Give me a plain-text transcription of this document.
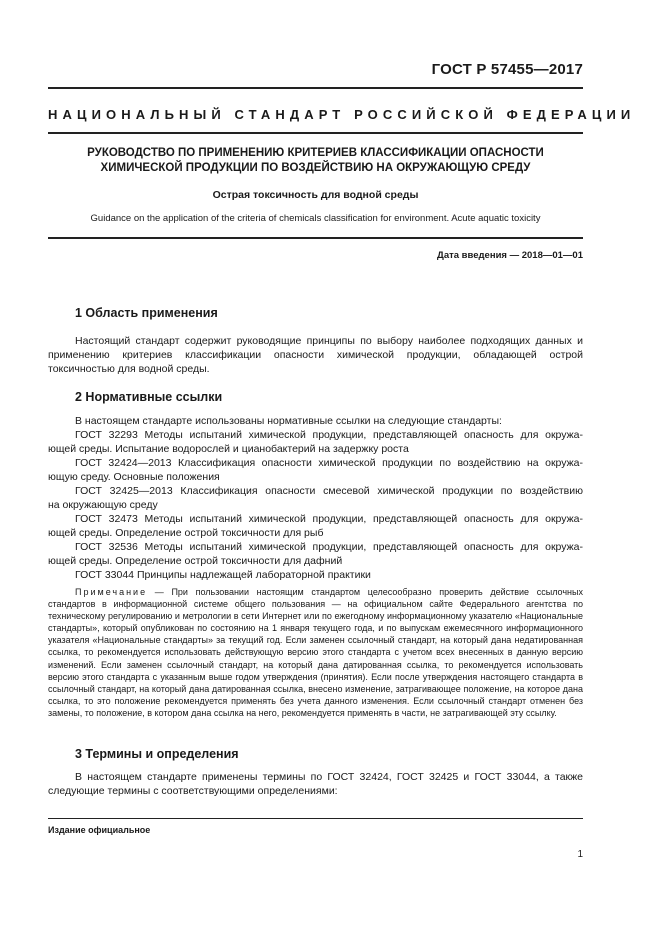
ГОСТ Р 57455—2017
НАЦИОНАЛЬНЫЙ СТАНДАРТ РОССИЙСКОЙ ФЕДЕРАЦИИ
РУКОВОДСТВО ПО ПРИМЕНЕНИЮ КРИТЕРИЕВ КЛАССИФИКАЦИИ ОПАСНОСТИ
ХИМИЧЕСКОЙ ПРОДУКЦИИ ПО ВОЗДЕЙСТВИЮ НА ОКРУЖАЮЩУЮ СРЕДУ
Острая токсичность для водной среды
Guidance on the application of the criteria of chemicals classification for environment. Acute aquatic toxicity
Дата введения — 2018—01—01
1 Область применения
Настоящий стандарт содержит руководящие принципы по выбору наиболее подходящих данных и применению критериев классификации опасности химической продукции, обладающей острой токсичностью для водной среды.
2 Нормативные ссылки
В настоящем стандарте использованы нормативные ссылки на следующие стандарты:
ГОСТ 32293 Методы испытаний химической продукции, представляющей опасность для окружа-
ющей среды. Испытание водорослей и цианобактерий на задержку роста
ГОСТ 32424—2013 Классификация опасности химической продукции по воздействию на окружа-
ющую среду. Основные положения
ГОСТ 32425—2013 Классификация опасности смесевой химической продукции по воздействию
на окружающую среду
ГОСТ 32473 Методы испытаний химической продукции, представляющей опасность для окружа-
ющей среды. Определение острой токсичности для рыб
ГОСТ 32536 Методы испытаний химической продукции, представляющей опасность для окружа-
ющей среды. Определение острой токсичности для дафний
ГОСТ 33044 Принципы надлежащей лабораторной практики
Примечание — При пользовании настоящим стандартом целесообразно проверить действие ссылочных стандартов в информационной системе общего пользования — на официальном сайте Федерального агентства по техническому регулированию и метрологии в сети Интернет или по ежегодному информационному указателю «Национальные стандарты», который опубликован по состоянию на 1 января текущего года, и по выпускам ежемесячного информационного указателя «Национальные стандарты» за текущий год. Если заменен ссылочный стандарт, на который дана недатированная ссылка, то рекомендуется использовать действующую версию этого стандарта с учетом всех внесенных в данную версию изменений. Если заменен ссылочный стандарт, на который дана датированная ссылка, то рекомендуется использовать версию этого стандарта с указанным выше годом утверждения (принятия). Если после утверждения настоящего стандарта в ссылочный стандарт, на который дана датированная ссылка, внесено изменение, затрагивающее положение, на которое дана ссылка, то это положение рекомендуется применять без учета данного изменения. Если ссылочный стандарт отменен без замены, то положение, в котором дана ссылка на него, рекомендуется применять в части, не затрагивающей эту ссылку.
3 Термины и определения
В настоящем стандарте применены термины по ГОСТ 32424, ГОСТ 32425 и ГОСТ 33044, а также следующие термины с соответствующими определениями:
Издание официальное
1
